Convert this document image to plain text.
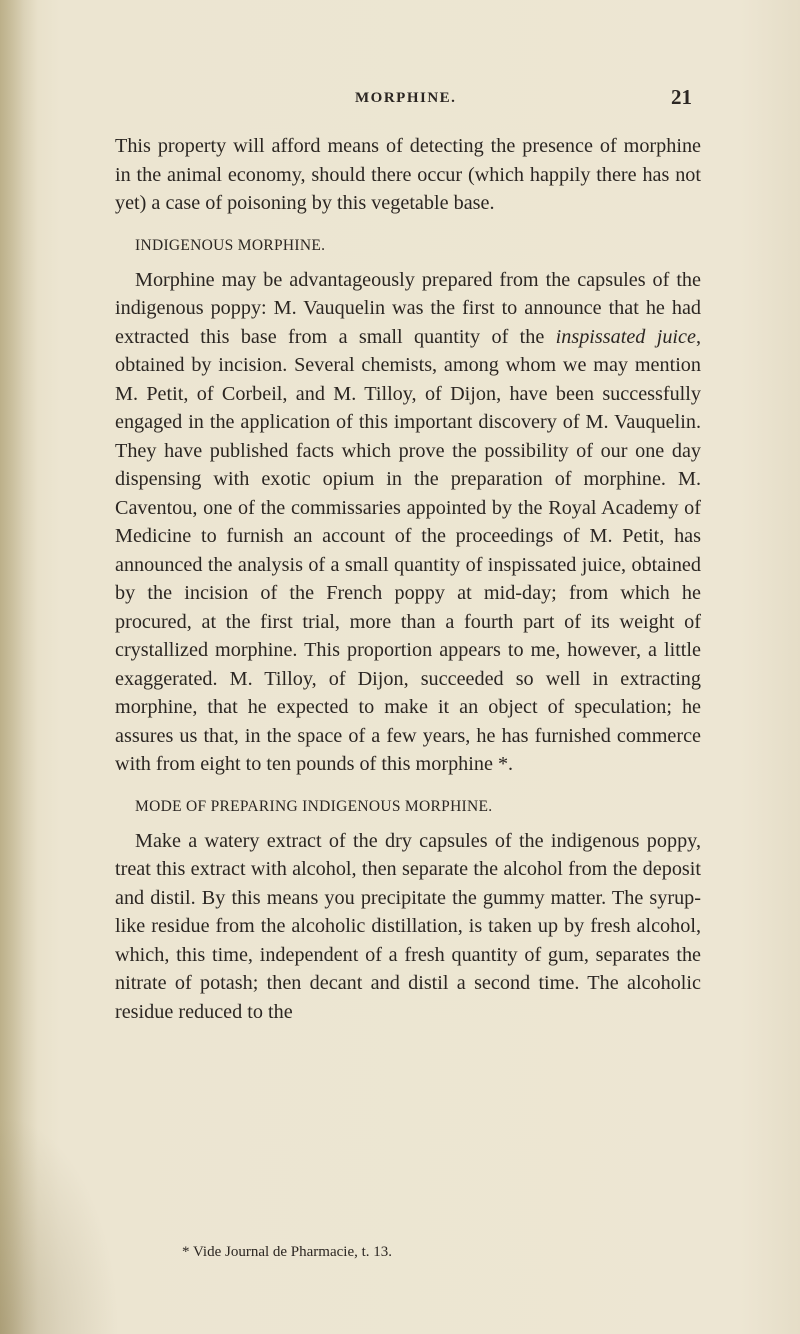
MORPHINE.	21

This property will afford means of detecting the presence of morphine in the animal economy, should there occur (which happily there has not yet) a case of poisoning by this vegetable base.

INDIGENOUS MORPHINE.

Morphine may be advantageously prepared from the capsules of the indigenous poppy: M. Vauquelin was the first to announce that he had extracted this base from a small quantity of the inspissated juice, obtained by incision. Several chemists, among whom we may mention M. Petit, of Corbeil, and M. Tilloy, of Dijon, have been successfully engaged in the application of this important discovery of M. Vauquelin. They have published facts which prove the possibility of our one day dispensing with exotic opium in the preparation of morphine. M. Caventou, one of the commissaries appointed by the Royal Academy of Medicine to furnish an account of the proceedings of M. Petit, has announced the analysis of a small quantity of inspissated juice, obtained by the incision of the French poppy at mid-day; from which he procured, at the first trial, more than a fourth part of its weight of crystallized morphine. This proportion appears to me, however, a little exaggerated. M. Tilloy, of Dijon, succeeded so well in extracting morphine, that he expected to make it an object of speculation; he assures us that, in the space of a few years, he has furnished commerce with from eight to ten pounds of this morphine *.

MODE OF PREPARING INDIGENOUS MORPHINE.

Make a watery extract of the dry capsules of the indigenous poppy, treat this extract with alcohol, then separate the alcohol from the deposit and distil. By this means you precipitate the gummy matter. The syrup-like residue from the alcoholic distillation, is taken up by fresh alcohol, which, this time, independent of a fresh quantity of gum, separates the nitrate of potash; then decant and distil a second time. The alcoholic residue reduced to the

* Vide Journal de Pharmacie, t. 13.
